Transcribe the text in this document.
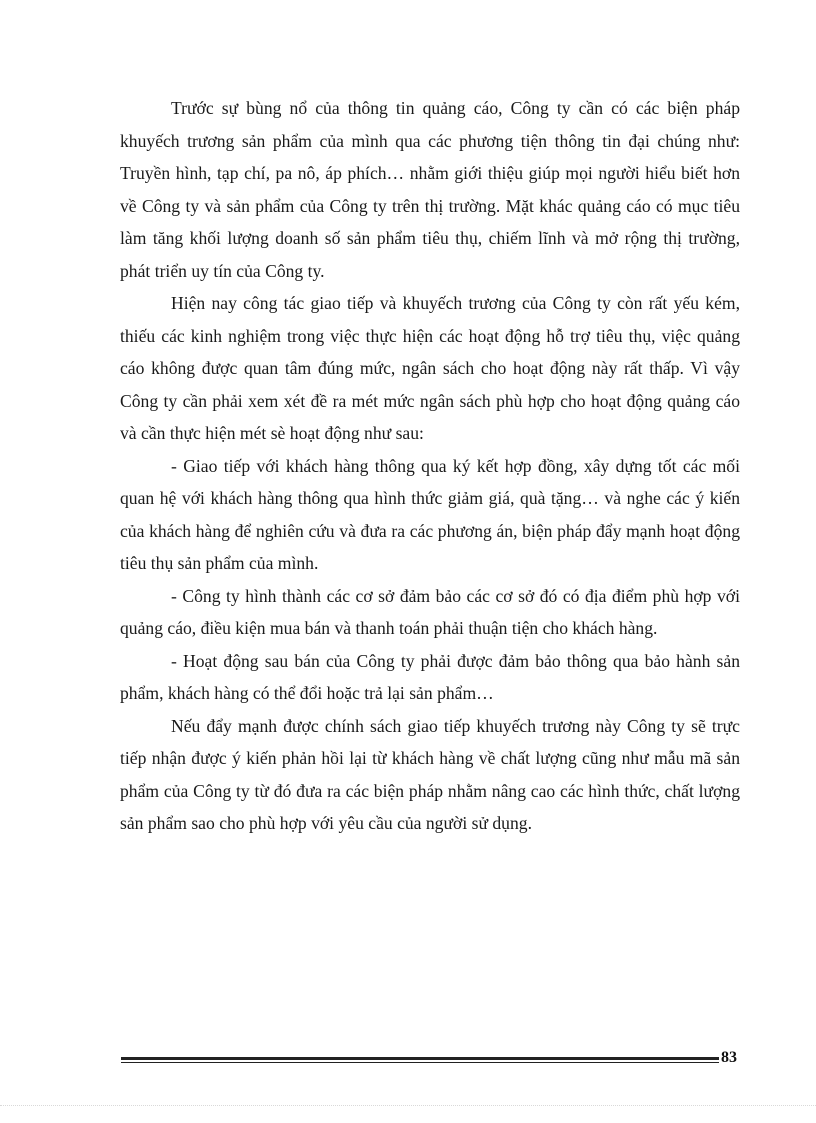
Trước sự bùng nổ của thông tin quảng cáo, Công ty cần có các biện pháp khuyếch trương sản phẩm của mình qua các phương tiện thông tin đại chúng như: Truyền hình, tạp chí, pa nô, áp phích… nhằm giới thiệu giúp mọi người hiểu biết hơn về Công ty và sản phẩm của Công ty trên thị trường. Mặt khác quảng cáo có mục tiêu làm tăng khối lượng doanh số sản phẩm tiêu thụ, chiếm lĩnh và mở rộng thị trường, phát triển uy tín của Công ty.

Hiện nay công tác giao tiếp và khuyếch trương của Công ty còn rất yếu kém, thiếu các kinh nghiệm trong việc thực hiện các hoạt động hỗ trợ tiêu thụ, việc quảng cáo không được quan tâm đúng mức, ngân sách cho hoạt động này rất thấp. Vì vậy Công ty cần phải xem xét đề ra mét mức ngân sách phù hợp cho hoạt động quảng cáo và cần thực hiện mét sè hoạt động như sau:

- Giao tiếp với khách hàng thông qua ký kết hợp đồng, xây dựng tốt các mối quan hệ với khách hàng thông qua hình thức giảm giá, quà tặng… và nghe các ý kiến của khách hàng để nghiên cứu và đưa ra các phương án, biện pháp đẩy mạnh hoạt động tiêu thụ sản phẩm của mình.

- Công ty hình thành các cơ sở đảm bảo các cơ sở đó có địa điểm phù hợp với quảng cáo, điều kiện mua bán và thanh toán phải thuận tiện cho khách hàng.

- Hoạt động sau bán của Công ty phải được đảm bảo thông qua bảo hành sản phẩm, khách hàng có thể đổi hoặc trả lại sản phẩm…

Nếu đẩy mạnh được chính sách giao tiếp khuyếch trương này Công ty sẽ trực tiếp nhận được ý kiến phản hồi lại từ khách hàng về chất lượng cũng như mẫu mã sản phẩm của Công ty từ đó đưa ra các biện pháp nhằm nâng cao các hình thức, chất lượng sản phẩm sao cho phù hợp với yêu cầu của người sử dụng.

83
